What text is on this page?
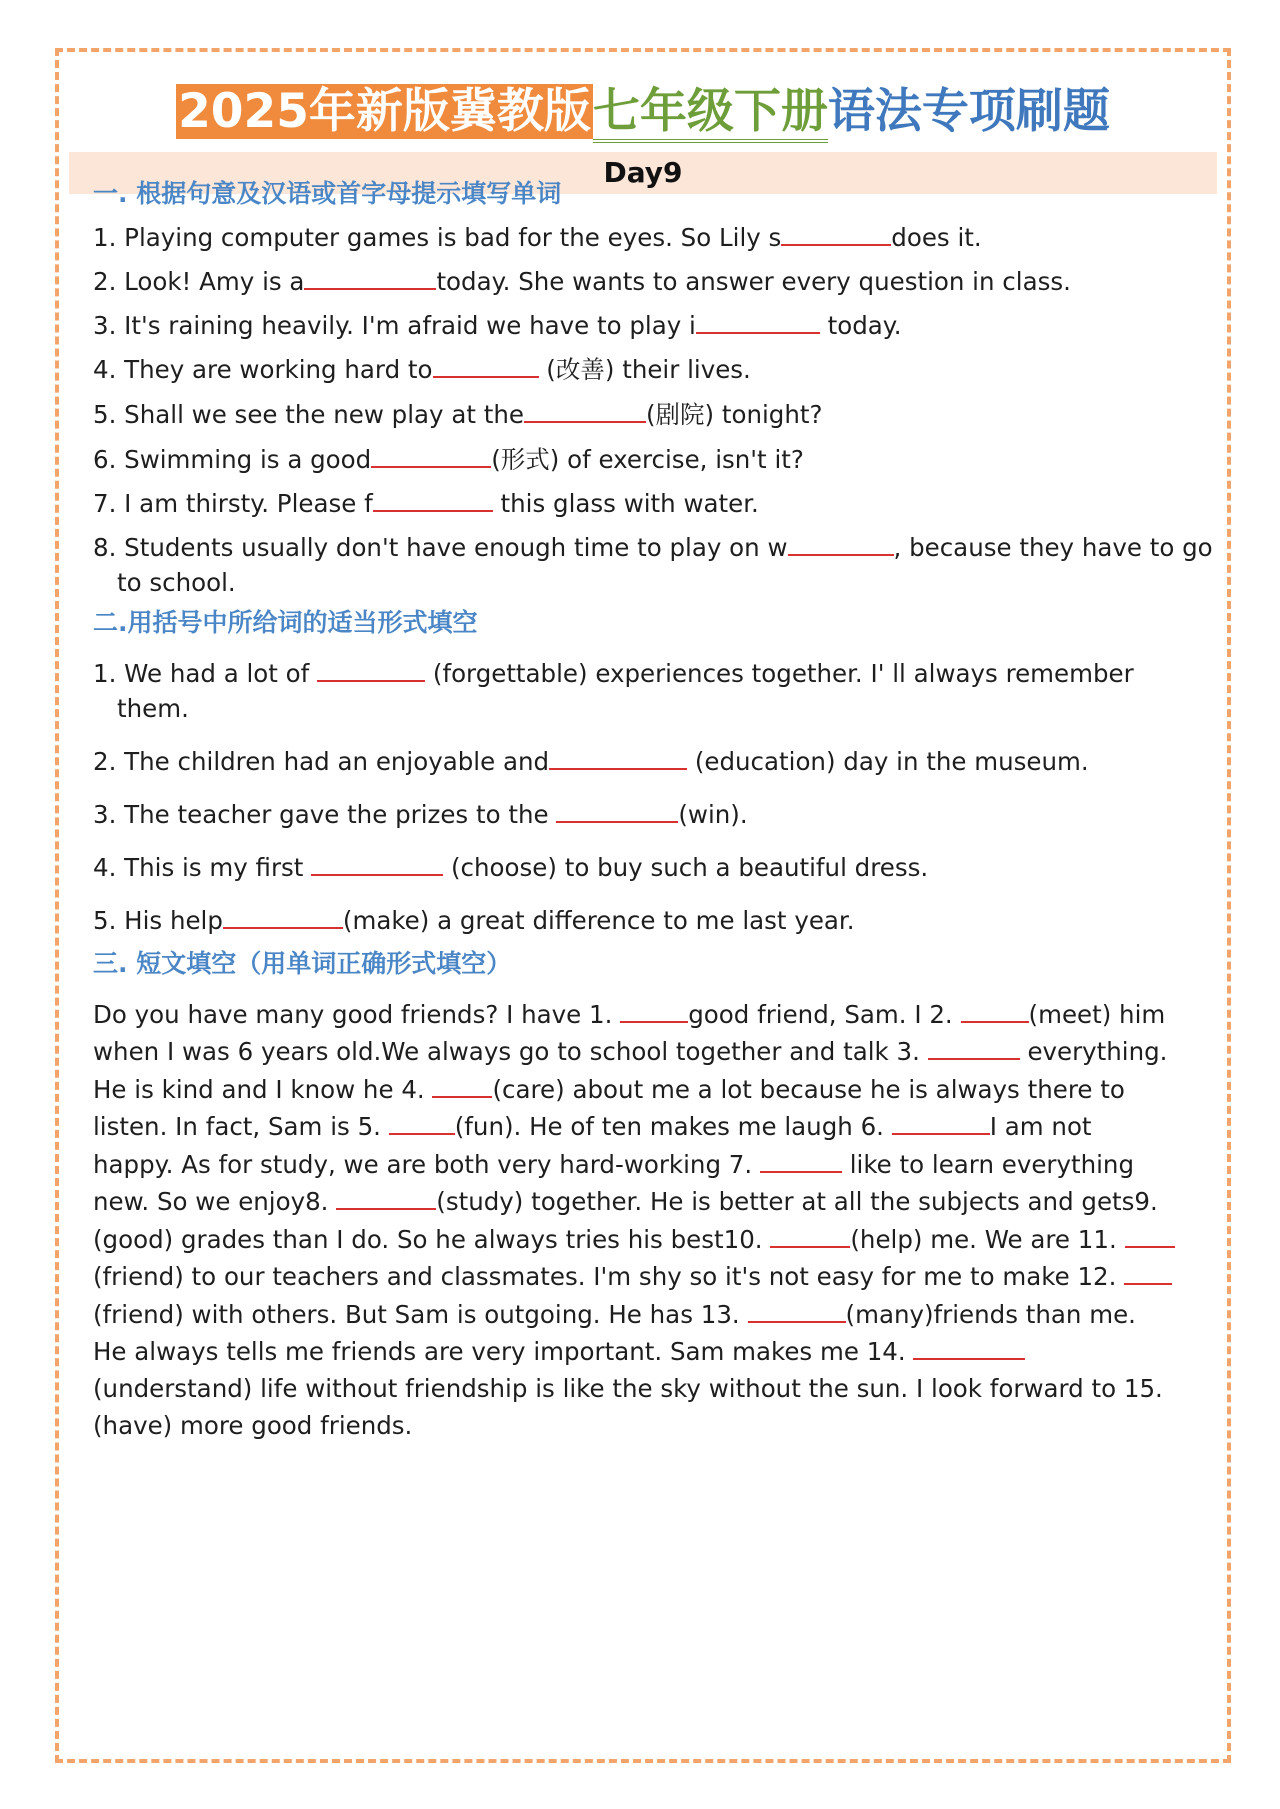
2025年新版冀教版七年级下册语法专项刷题
Day9
一. 根据句意及汉语或首字母提示填写单词
1. Playing computer games is bad for the eyes. So Lily s	does it.
2. Look! Amy is a	today. She wants to answer every question in class.
3. It's raining heavily. I'm afraid we have to play i	today.
4. They are working hard to	(改善) their lives.
5. Shall we see the new play at the	(剧院) tonight?
6. Swimming is a good	(形式) of exercise, isn't it?
7. I am thirsty. Please f	this glass with water.
8. Students usually don't have enough time to play on w	, because they have to go
to school.
二.用括号中所给词的适当形式填空
1. We had a lot of	(forgettable) experiences together. I' ll always remember
them.
2. The children had an enjoyable and	(education) day in the museum.
3. The teacher gave the prizes to the	(win).
4. This is my first	(choose) to buy such a beautiful dress.
5. His help	(make) a great difference to me last year.
三. 短文填空（用单词正确形式填空）
Do you have many good friends? I have 1.	good friend, Sam. I 2.	(meet) him
when I was 6 years old.We always go to school together and talk 3.	everything.
He is kind and I know he 4. (care) about me a lot because he is always there to
listen. In fact, Sam is 5.	(fun). He of ten makes me laugh 6.	I am not
happy. As for study, we are both very hard-working 7.	like to learn everything
new. So we enjoy8.	(study) together. He is better at all the subjects and gets9.
(good) grades than I do. So he always tries his best10.	(help) me. We are 11.
(friend) to our teachers and classmates. I'm shy so it's not easy for me to make 12.
(friend) with others. But Sam is outgoing. He has 13.	(many)friends than me.
He always tells me friends are very important. Sam makes me 14.
(understand) life without friendship is like the sky without the sun. I look forward to 15.
(have) more good friends.
